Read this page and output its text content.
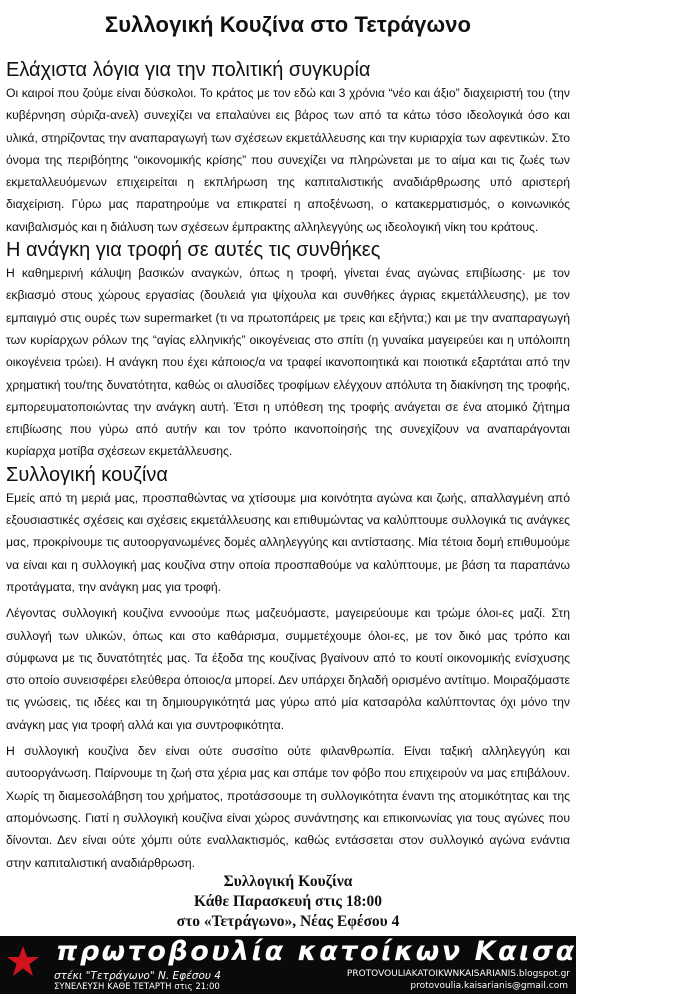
Συλλογική Κουζίνα στο Τετράγωνο
Ελάχιστα λόγια για την πολιτική συγκυρία

Οι καιροί που ζούμε είναι δύσκολοι. Το κράτος με τον εδώ και 3 χρόνια “νέο και άξιο” διαχειριστή του (την κυβέρνηση σύριζα-ανελ) συνεχίζει να επαλαύνει εις βάρος των από τα κάτω τόσο ιδεολογικά όσο και υλικά, στηρίζοντας την αναπαραγωγή των σχέσεων εκμετάλλευσης και την κυριαρχία των αφεντικών. Στο όνομα της περιβόητης “οικονομικής κρίσης” που συνεχίζει να πληρώνεται με το αίμα και τις ζωές των εκμεταλλευόμενων επιχειρείται η εκπλήρωση της καπιταλιστικής αναδιάρθρωσης υπό αριστερή διαχείριση. Γύρω μας παρατηρούμε να επικρατεί η αποξένωση, ο κατακερματισμός, ο κοινωνικός κανιβαλισμός και η διάλυση των σχέσεων έμπρακτης αλληλεγγύης ως ιδεολογική νίκη του κράτους.

Η ανάγκη για τροφή σε αυτές τις συνθήκες

Η καθημερινή κάλυψη βασικών αναγκών, όπως η τροφή, γίνεται ένας αγώνας επιβίωσης· με τον εκβιασμό στους χώρους εργασίας (δουλειά για ψίχουλα και συνθήκες άγριας εκμετάλλευσης), με τον εμπαιγμό στις ουρές των supermarket (τι να πρωτοπάρεις με τρεις και εξήντα;) και με την αναπαραγωγή των κυρίαρχων ρόλων της “αγίας ελληνικής” οικογένειας στο σπίτι (η γυναίκα μαγειρεύει και η υπόλοιπη οικογένεια τρώει). Η ανάγκη που έχει κάποιος/α να τραφεί ικανοποιητικά και ποιοτικά εξαρτάται από την χρηματική του/της δυνατότητα, καθώς οι αλυσίδες τροφίμων ελέγχουν απόλυτα τη διακίνηση της τροφής, εμπορευματοποιώντας την ανάγκη αυτή. Έτσι η υπόθεση της τροφής ανάγεται σε ένα ατομικό ζήτημα επιβίωσης που γύρω από αυτήν και τον τρόπο ικανοποίησής της συνεχίζουν να αναπαράγονται κυρίαρχα μοτίβα σχέσεων εκμετάλλευσης.

Συλλογική κουζίνα

Εμείς από τη μεριά μας, προσπαθώντας να χτίσουμε μια κοινότητα αγώνα και ζωής, απαλλαγμένη από εξουσιαστικές σχέσεις και σχέσεις εκμετάλλευσης και επιθυμώντας να καλύπτουμε συλλογικά τις ανάγκες μας, προκρίνουμε τις αυτοοργανωμένες δομές αλληλεγγύης και αντίστασης. Μία τέτοια δομή επιθυμούμε να είναι και η συλλογική μας κουζίνα στην οποία προσπαθούμε να καλύπτουμε, με βάση τα παραπάνω προτάγματα, την ανάγκη μας για τροφή.

Λέγοντας συλλογική κουζίνα εννοούμε πως μαζευόμαστε, μαγειρεύουμε και τρώμε όλοι-ες μαζί. Στη συλλογή των υλικών, όπως και στο καθάρισμα, συμμετέχουμε όλοι-ες, με τον δικό μας τρόπο και σύμφωνα με τις δυνατότητές μας. Τα έξοδα της κουζίνας βγαίνουν από το κουτί οικονομικής ενίσχυσης στο οποίο συνεισφέρει ελεύθερα όποιος/α μπορεί. Δεν υπάρχει δηλαδή ορισμένο αντίτιμο. Μοιραζόμαστε τις γνώσεις, τις ιδέες και τη δημιουργικότητά μας γύρω από μία κατσαρόλα καλύπτοντας όχι μόνο την ανάγκη μας για τροφή αλλά και για συντροφικότητα.

Η συλλογική κουζίνα δεν είναι ούτε συσσίτιο ούτε φιλανθρωπία. Είναι ταξική αλληλεγγύη και αυτοοργάνωση. Παίρνουμε τη ζωή στα χέρια μας και σπάμε τον φόβο που επιχειρούν να μας επιβάλουν. Χωρίς τη διαμεσολάβηση του χρήματος, προτάσσουμε τη συλλογικότητα έναντι της ατομικότητας και της απομόνωσης. Γιατί η συλλογική κουζίνα είναι χώρος συνάντησης και επικοινωνίας για τους αγώνες που δίνονται. Δεν είναι ούτε χόμπι ούτε εναλλακτισμός, καθώς εντάσσεται στον συλλογικό αγώνα ενάντια στην καπιταλιστική αναδιάρθρωση.

Συλλογική Κουζίνα
Κάθε Παρασκευή στις 18:00
στο «Τετράγωνο», Νέας Εφέσου 4
πρωτοβουλία κατοίκων Καισαριανής
στέκι "Τετράγωνο" Ν. Εφέσου 4
ΣΥΝΕΛΕΥΣΗ ΚΑΘΕ ΤΕΤΑΡΤΗ στις 21:00
PROTOVOULIAKATOIKWNKAISARIANIS.blogspot.gr
protovoulia.kaisarianis@gmail.com
